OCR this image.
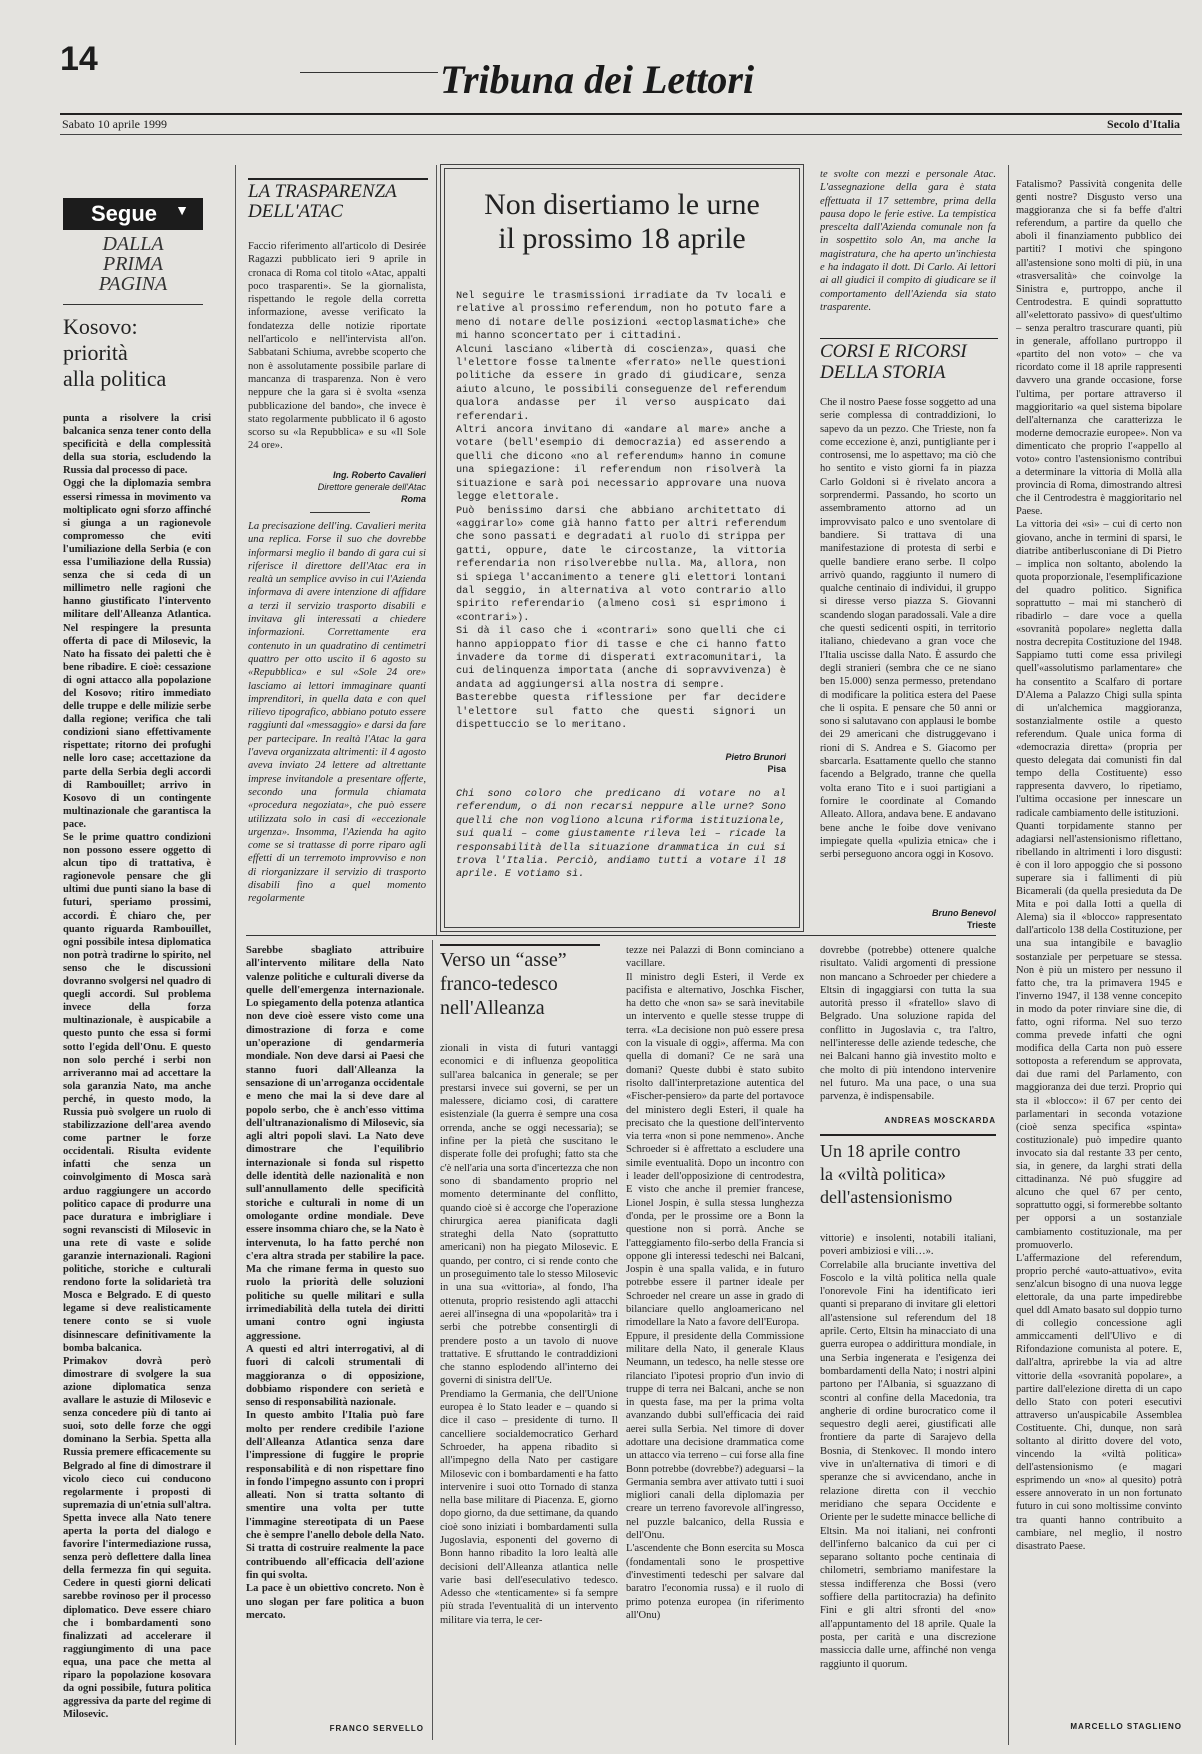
14	Tribuna dei Lettori
Sabato 10 aprile 1999	Secolo d'Italia
Segue ▼
DALLA
PRIMA
PAGINA
Kosovo:
priorità
alla politica
punta a risolvere la crisi balcanica senza tener conto della specificità e della complessità della sua storia, escludendo la Russia dal processo di pace.
Oggi che la diplomazia sembra essersi rimessa in movimento va moltiplicato ogni sforzo affinché si giunga a un ragionevole compromesso che eviti l'umiliazione della Serbia (e con essa l'umiliazione della Russia) senza che si ceda di un millimetro nelle ragioni che hanno giustificato l'intervento militare dell'Alleanza Atlantica. Nel respingere la presunta offerta di pace di Milosevic, la Nato ha fissato dei paletti che è bene ribadire. E cioè: cessazione di ogni attacco alla popolazione del Kosovo; ritiro immediato delle truppe e delle milizie serbe dalla regione; verifica che tali condizioni siano effettivamente rispettate; ritorno dei profughi nelle loro case; accettazione da parte della Serbia degli accordi di Rambouillet; arrivo in Kosovo di un contingente multinazionale che garantisca la pace.
Se le prime quattro condizioni non possono essere oggetto di alcun tipo di trattativa, è ragionevole pensare che gli ultimi due punti siano la base di futuri, speriamo prossimi, accordi. È chiaro che, per quanto riguarda Rambouillet, ogni possibile intesa diplomatica non potrà tradirne lo spirito, nel senso che le discussioni dovranno svolgersi nel quadro di quegli accordi. Sul problema invece della forza multinazionale, è auspicabile a questo punto che essa si formi sotto l'egida dell'Onu. E questo non solo perché i serbi non arriveranno mai ad accettare la sola garanzia Nato, ma anche perché, in questo modo, la Russia può svolgere un ruolo di stabilizzazione dell'area avendo come partner le forze occidentali. Risulta evidente infatti che senza un coinvolgimento di Mosca sarà arduo raggiungere un accordo politico capace di produrre una pace duratura e imbrigliare i sogni revanscisti di Milosevic in una rete di vaste e solide garanzie internazionali. Ragioni politiche, storiche e culturali rendono forte la solidarietà tra Mosca e Belgrado. E di questo legame si deve realisticamente tenere conto se si vuole disinnescare definitivamente la bomba balcanica.
Primakov dovrà però dimostrare di svolgere la sua azione diplomatica senza avallare le astuzie di Milosevic e senza concedere più di tanto ai suoi, soto delle forze che oggi dominano la Serbia. Spetta alla Russia premere efficacemente su Belgrado al fine di dimostrare il vicolo cieco cui conducono regolarmente i proposti di supremazia di un'etnia sull'altra.
Spetta invece alla Nato tenere aperta la porta del dialogo e favorire l'intermediazione russa, senza però deflettere dalla linea della fermezza fin qui seguita. Cedere in questi giorni delicati sarebbe rovinoso per il processo diplomatico. Deve essere chiaro che i bombardamenti sono finalizzati ad accelerare il raggiungimento di una pace equa, una pace che metta al riparo la popolazione kosovara da ogni possibile, futura politica aggressiva da parte del regime di Milosevic.
LA TRASPARENZA
DELL'ATAC
Faccio riferimento all'articolo di Desirée Ragazzi pubblicato ieri 9 aprile in cronaca di Roma col titolo «Atac, appalti poco trasparenti». Se la giornalista, rispettando le regole della corretta informazione, avesse verificato la fondatezza delle notizie riportate nell'articolo e nell'intervista all'on. Sabbatani Schiuma, avrebbe scoperto che non è assolutamente possibile parlare di mancanza di trasparenza. Non è vero neppure che la gara si è svolta «senza pubblicazione del bando», che invece è stato regolarmente pubblicato il 6 agosto scorso su «la Repubblica» e su «Il Sole 24 ore».
Ing. Roberto Cavalieri
Direttore generale dell'Atac
Roma
La precisazione dell'ing. Cavalieri merita una replica. Forse il suo che dovrebbe informarsi meglio il bando di gara cui si riferisce il direttore dell'Atac era in realtà un semplice avviso in cui l'Azienda informava di avere intenzione di affidare a terzi il servizio trasporto disabili e invitava gli interessati a chiedere informazioni. Correttamente era contenuto in un quadratino di centimetri quattro per otto uscito il 6 agosto su «Repubblica» e sul «Sole 24 ore» lasciamo ai lettori immaginare quanti imprenditori, in quella data e con quel rilievo tipografico, abbiano potuto essere raggiunti dal «messaggio» e darsi da fare per partecipare. In realtà l'Atac la gara l'aveva organizzata altrimenti: il 4 agosto aveva inviato 24 lettere ad altrettante imprese invitandole a presentare offerte, secondo una formula chiamata «procedura negoziata», che può essere utilizzata solo in casi di «eccezionale urgenza». Insomma, l'Azienda ha agito come se si trattasse di porre riparo agli effetti di un terremoto improvviso e non di riorganizzare il servizio di trasporto disabili fino a quel momento regolarmente
Non disertiamo le urne
il prossimo 18 aprile
Nel seguire le trasmissioni irradiate da Tv locali e relative al prossimo referendum, non ho potuto fare a meno di notare delle posizioni «ectoplasmatiche» che mi hanno sconcertato per i cittadini.
Alcuni lasciano «libertà di coscienza», quasi che l'elettore fosse talmente «ferrato» nelle questioni politiche da essere in grado di giudicare, senza aiuto alcuno, le possibili conseguenze del referendum qualora andasse per il verso auspicato dai referendari.
Altri ancora invitano di «andare al mare» anche a votare (bell'esempio di democrazia) ed asserendo a quelli che dicono «no al referendum» hanno in comune una spiegazione: il referendum non risolverà la situazione e sarà poi necessario approvare una nuova legge elettorale.
Può benissimo darsi che abbiano architettato di «aggirarlo» come già hanno fatto per altri referendum che sono passati e degradati al ruolo di strippa per gatti, oppure, date le circostanze, la vittoria referendaria non risolverebbe nulla. Ma, allora, non si spiega l'accanimento a tenere gli elettori lontani dal seggio, in alternativa al voto contrario allo spirito referendario (almeno così si esprimono i «contrari»).
Si dà il caso che i «contrari» sono quelli che ci hanno appioppato fior di tasse e che ci hanno fatto invadere da torme di disperati extracomunitari, la cui delinquenza importata (anche di sopravvivenza) è andata ad aggiungersi alla nostra di sempre.
Basterebbe questa riflessione per far decidere l'elettore sul fatto che questi signori un dispettuccio se lo meritano.
Pietro Brunori
Pisa
Chi sono coloro che predicano di votare no al referendum, o di non recarsi neppure alle urne? Sono quelli che non vogliono alcuna riforma istituzionale, sui quali – come giustamente rileva lei – ricade la responsabilità della situazione drammatica in cui si trova l'Italia. Perciò, andiamo tutti a votare il 18 aprile. E votiamo sì.
te svolte con mezzi e personale Atac. L'assegnazione della gara è stata effettuata il 17 settembre, prima della pausa dopo le ferie estive. La tempistica prescelta dall'Azienda comunale non fa in sospettito solo An, ma anche la magistratura, che ha aperto un'inchiesta e ha indagato il dott. Di Carlo. Ai lettori ai all giudici il compito di giudicare se il comportamento dell'Azienda sia stato trasparente.
CORSI E RICORSI
DELLA STORIA
Che il nostro Paese fosse soggetto ad una serie complessa di contraddizioni, lo sapevo da un pezzo. Che Trieste, non fa come eccezione è, anzi, puntigliante per i controsensi, me lo aspettavo; ma ciò che ho sentito e visto giorni fa in piazza Carlo Goldoni si è rivelato ancora a sorprendermi. Passando, ho scorto un assembramento attorno ad un improvvisato palco e uno sventolare di bandiere. Si trattava di una manifestazione di protesta di serbi e quelle bandiere erano serbe. Il colpo arrivò quando, raggiunto il numero di qualche centinaio di individui, il gruppo si diresse verso piazza S. Giovanni scandendo slogan paradossali. Vale a dire che questi sedicenti ospiti, in territorio italiano, chiedevano a gran voce che l'Italia uscisse dalla Nato. È assurdo che degli stranieri (sembra che ce ne siano ben 15.000) senza permesso, pretendano di modificare la politica estera del Paese che li ospita. E pensare che 50 anni or sono si salutavano con applausi le bombe dei 29 americani che distruggevano i rioni di S. Andrea e S. Giacomo per sbarcarla. Esattamente quello che stanno facendo a Belgrado, tranne che quella volta erano Tito e i suoi partigiani a fornire le coordinate al Comando Alleato. Allora, andava bene. E andavano bene anche le foibe dove venivano impiegate quella «pulizia etnica» che i serbi perseguono ancora oggi in Kosovo.
Bruno Benevol
Trieste
Fatalismo? Passività congenita delle genti nostre? Disgusto verso una maggioranza che si fa beffe d'altri referendum, a partire da quello che abolì il finanziamento pubblico dei partiti? I motivi che spingono all'astensione sono molti di più, in una «trasversalità» che coinvolge la Sinistra e, purtroppo, anche il Centrodestra. E quindi soprattutto all'«elettorato passivo» di quest'ultimo – senza peraltro trascurare quanti, più in generale, affollano purtroppo il «partito del non voto» – che va ricordato come il 18 aprile rappresenti davvero una grande occasione, forse l'ultima, per portare attraverso il maggioritario «a quel sistema bipolare dell'alternanza che caratterizza le moderne democrazie europee». Non va dimenticato che proprio l'«appello al voto» contro l'astensionismo contribuì a determinare la vittoria di Mollà alla provincia di Roma, dimostrando altresì che il Centrodestra è maggioritario nel Paese.
La vittoria dei «sì» – cui di certo non giovano, anche in termini di sparsi, le diatribe antiberlusconiane di Di Pietro – implica non soltanto, abolendo la quota proporzionale, l'esemplificazione del quadro politico. Significa soprattutto – mai mi stancherò di ribadirlo – dare voce a quella «sovranità popolare» negletta dalla nostra decrepita Costituzione del 1948. Sappiamo tutti come essa privilegi quell'«assolutismo parlamentare» che ha consentito a Scalfaro di portare D'Alema a Palazzo Chigi sulla spinta di un'alchemica maggioranza, sostanzialmente ostile a questo referendum. Quale unica forma di «democrazia diretta» (propria per questo delegata dai comunisti fin dal tempo della Costituente) esso rappresenta davvero, lo ripetiamo, l'ultima occasione per innescare un radicale cambiamento delle istituzioni.
Quanti torpidamente stanno per adagiarsi nell'astensionismo riflettano, ribellando in altrimenti i loro disgusti: è con il loro appoggio che si possono superare sia i fallimenti di più Bicamerali (da quella presieduta da De Mita e poi dalla Iotti a quella di Alema) sia il «blocco» rappresentato dall'articolo 138 della Costituzione, per una sua intangibile e bavaglio sostanziale per perpetuare se stessa. Non è più un mistero per nessuno il fatto che, tra la primavera 1945 e l'inverno 1947, il 138 venne concepito in modo da poter rinviare sine die, di fatto, ogni riforma. Nel suo terzo comma prevede infatti che ogni modifica della Carta non può essere sottoposta a referendum se approvata, dai due rami del Parlamento, con maggioranza dei due terzi. Proprio qui sta il «blocco»: il 67 per cento dei parlamentari in seconda votazione (cioè senza specifica «spinta» costituzionale) può impedire quanto invocato sia dal restante 33 per cento, sia, in genere, da larghi strati della cittadinanza. Né può sfuggire ad alcuno che quel 67 per cento, soprattutto oggi, si formerebbe soltanto per opporsi a un sostanziale cambiamento costituzionale, ma per promuoverlo.
L'affermazione del referendum, proprio perché «auto-attuativo», evita senz'alcun bisogno di una nuova legge elettorale, da una parte impedirebbe quel ddl Amato basato sul doppio turno di collegio concessione agli ammiccamenti dell'Ulivo e di Rifondazione comunista al potere. E, dall'altra, aprirebbe la via ad altre vittorie della «sovranità popolare», a partire dall'elezione diretta di un capo dello Stato con poteri esecutivi attraverso un'auspicabile Assemblea Costituente. Chi, dunque, non sarà soltanto al diritto dovere del voto, vincendo la «viltà politica» dell'astensionismo (e magari esprimendo un «no» al quesito) potrà essere annoverato in un non fortunato futuro in cui sono moltissime convinto tra quanti hanno contribuito a cambiare, nel meglio, il nostro disastrato Paese.
MARCELLO STAGLIENO
Sarebbe sbagliato attribuire all'intervento militare della Nato valenze politiche e culturali diverse da quelle dell'emergenza internazionale. Lo spiegamento della potenza atlantica non deve cioè essere visto come una dimostrazione di forza e come un'operazione di gendarmeria mondiale. Non deve darsi ai Paesi che stanno fuori dall'Alleanza la sensazione di un'arroganza occidentale e meno che mai la si deve dare al popolo serbo, che è anch'esso vittima dell'ultranazionalismo di Milosevic, sia agli altri popoli slavi. La Nato deve dimostrare che l'equilibrio internazionale si fonda sul rispetto delle identità delle nazionalità e non sull'annullamento delle specificità storiche e culturali in nome di un omologante ordine mondiale. Deve essere insomma chiaro che, se la Nato è intervenuta, lo ha fatto perché non c'era altra strada per stabilire la pace. Ma che rimane ferma in questo suo ruolo la priorità delle soluzioni politiche su quelle militari e sulla irrimediabilità della tutela dei diritti umani contro ogni ingiusta aggressione.
A questi ed altri interrogativi, al di fuori di calcoli strumentali di maggioranza o di opposizione, dobbiamo rispondere con serietà e senso di responsabilità nazionale.
In questo ambito l'Italia può fare molto per rendere credibile l'azione dell'Alleanza Atlantica senza dare l'impressione di fuggire le proprie responsabilità e di non rispettare fino in fondo l'impegno assunto con i propri alleati. Non si tratta soltanto di smentire una volta per tutte l'immagine stereotipata di un Paese che è sempre l'anello debole della Nato. Si tratta di costruire realmente la pace contribuendo all'efficacia dell'azione fin qui svolta.
La pace è un obiettivo concreto. Non è uno slogan per fare politica a buon mercato.
FRANCO SERVELLO
Verso un “asse”
franco-tedesco
nell'Alleanza
zionali in vista di futuri vantaggi economici e di influenza geopolitica sull'area balcanica in generale; se per prestarsi invece sui governi, se per un malessere, diciamo così, di carattere esistenziale (la guerra è sempre una cosa orrenda, anche se oggi necessaria); se infine per la pietà che suscitano le disperate folle dei profughi; fatto sta che c'è nell'aria una sorta d'incertezza che non sono di sbandamento proprio nel momento determinante del conflitto, quando cioè si è accorge che l'operazione chirurgica aerea pianificata dagli strateghi della Nato (soprattutto americani) non ha piegato Milosevic. E quando, per contro, ci si rende conto che un proseguimento tale lo stesso Milosevic in una sua «vittoria», al fondo, l'ha ottenuta, proprio resistendo agli attacchi aerei all'insegna di una «popolarità» tra i serbi che potrebbe consentirgli di prendere posto a un tavolo di nuove trattative. E sfruttando le contraddizioni che stanno esplodendo all'interno dei governi di sinistra dell'Ue.
Prendiamo la Germania, che dell'Unione europea è lo Stato leader e – quando si dice il caso – presidente di turno. Il cancelliere socialdemocratico Gerhard Schroeder, ha appena ribadito sì all'impegno della Nato per castigare Milosevic con i bombardamenti e ha fatto intervenire i suoi otto Tornado di stanza nella base militare di Piacenza. E, giorno dopo giorno, da due settimane, da quando cioè sono iniziati i bombardamenti sulla Jugoslavia, esponenti del governo di Bonn hanno ribadito la loro lealtà alle decisioni dell'Alleanza atlantica nelle varie basi dell'eseculativo tedesco. Adesso che «tenticamente» si fa sempre più strada l'eventualità di un intervento militare via terra, le cer-
tezze nei Palazzi di Bonn cominciano a vacillare.
Il ministro degli Esteri, il Verde ex pacifista e alternativo, Joschka Fischer, ha detto che «non sa» se sarà inevitabile un intervento e quelle stesse truppe di terra. «La decisione non può essere presa con la visuale di oggi», afferma. Ma con quella di domani? Ce ne sarà una domani? Queste dubbi è stato subito risolto dall'interpretazione autentica del «Fischer-pensiero» da parte del portavoce del ministero degli Esteri, il quale ha precisato che la questione dell'intervento via terra «non si pone nemmeno». Anche Schroeder si è affrettato a escludere una simile eventualità. Dopo un incontro con i leader dell'opposizione di centrodestra, E visto che anche il premier francese, Lionel Jospin, è sulla stessa lunghezza d'onda, per le prossime ore a Bonn la questione non si porrà. Anche se l'atteggiamento filo-serbo della Francia si oppone gli interessi tedeschi nei Balcani, Jospin è una spalla valida, e in futuro potrebbe essere il partner ideale per Schroeder nel creare un asse in grado di bilanciare quello angloamericano nel rimodellare la Nato a favore dell'Europa.
Eppure, il presidente della Commissione militare della Nato, il generale Klaus Neumann, un tedesco, ha nelle stesse ore rilanciato l'ipotesi proprio d'un invio di truppe di terra nei Balcani, anche se non in questa fase, ma per la prima volta avanzando dubbi sull'efficacia dei raid aerei sulla Serbia. Nel timore di dover adottare una decisione drammatica come un attacco via terreno – cui forse alla fine Bonn potrebbe (dovrebbe?) adeguarsi – la Germania sembra aver attivato tutti i suoi migliori canali della diplomazia per creare un terreno favorevole all'ingresso, nel puzzle balcanico, della Russia e dell'Onu.
L'ascendente che Bonn esercita su Mosca (fondamentali sono le prospettive d'investimenti tedeschi per salvare dal baratro l'economia russa) e il ruolo di primo potenza europea (in riferimento all'Onu)
dovrebbe (potrebbe) ottenere qualche risultato. Validi argomenti di pressione non mancano a Schroeder per chiedere a Eltsin di ingaggiarsi con tutta la sua autorità presso il «fratello» slavo di Belgrado. Una soluzione rapida del conflitto in Jugoslavia c, tra l'altro, nell'interesse delle aziende tedesche, che nei Balcani hanno già investito molto e che molto di più intendono intervenire nel futuro. Ma una pace, o una sua parvenza, è indispensabile.
ANDREAS MOSCKARDA
Un 18 aprile contro
la «viltà politica»
dell'astensionismo
vittorie) e insolenti, notabili italiani, poveri ambiziosi e vili…».
Correlabile alla bruciante invettiva del Foscolo e la viltà politica nella quale l'onorevole Fini ha identificato ieri quanti si preparano di invitare gli elettori all'astensione sul referendum del 18 aprile. Certo, Eltsin ha minacciato di una guerra europea o addirittura mondiale, in una Serbia ingenerata e l'esigenza dei bombardamenti della Nato; i nostri alpini partono per l'Albania, si sguazzano di scontri al confine della Macedonia, tra angherie di ordine burocratico come il sequestro degli aerei, giustificati alle frontiere da parte di Sarajevo della Bosnia, di Stenkovec. Il mondo intero vive in un'alternativa di timori e di speranze che si avvicendano, anche in relazione diretta con il vecchio meridiano che separa Occidente e Oriente per le sudette minacce belliche di Eltsin. Ma noi italiani, nei confronti dell'inferno balcanico da cui per ci separano soltanto poche centinaia di chilometri, sembriamo manifestare la stessa indifferenza che Bossi (vero soffiere della partitocrazia) ha definito Fini e gli altri sfronti del «no» all'appuntamento del 18 aprile. Quale la posta, per carità e una discrezione massiccia dalle urne, affinché non venga raggiunto il quorum.
